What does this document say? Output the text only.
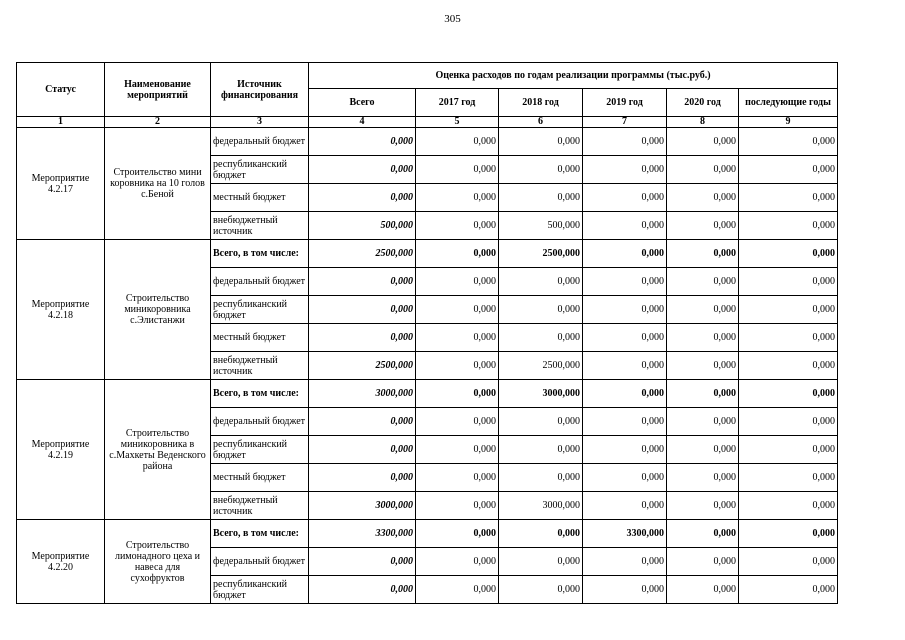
305
Статус	Наименование мероприятий	Источник финансирования	Оценка расходов по годам реализации программы (тыс.руб.)					
			Всего	2017 год	2018 год	2019 год	2020 год	последующие годы
1	2	3	4	5	6	7	8	9
Мероприятие 4.2.17	Строительство мини коровника на 10 голов с.Беной	федеральный бюджет	0,000	0,000	0,000	0,000	0,000	0,000
		республиканский бюджет	0,000	0,000	0,000	0,000	0,000	0,000
		местный бюджет	0,000	0,000	0,000	0,000	0,000	0,000
		внебюджетный источник	500,000	0,000	500,000	0,000	0,000	0,000
Мероприятие 4.2.18	Строительство миникоровника с.Элистанжи	Всего, в том числе:	2500,000	0,000	2500,000	0,000	0,000	0,000
		федеральный бюджет	0,000	0,000	0,000	0,000	0,000	0,000
		республиканский бюджет	0,000	0,000	0,000	0,000	0,000	0,000
		местный бюджет	0,000	0,000	0,000	0,000	0,000	0,000
		внебюджетный источник	2500,000	0,000	2500,000	0,000	0,000	0,000
Мероприятие 4.2.19	Строительство миникоровника в с.Махкеты Веденского района	Всего, в том числе:	3000,000	0,000	3000,000	0,000	0,000	0,000
		федеральный бюджет	0,000	0,000	0,000	0,000	0,000	0,000
		республиканский бюджет	0,000	0,000	0,000	0,000	0,000	0,000
		местный бюджет	0,000	0,000	0,000	0,000	0,000	0,000
		внебюджетный источник	3000,000	0,000	3000,000	0,000	0,000	0,000
Мероприятие 4.2.20	Строительство лимонадного цеха и навеса для сухофруктов	Всего, в том числе:	3300,000	0,000	0,000	3300,000	0,000	0,000
		федеральный бюджет	0,000	0,000	0,000	0,000	0,000	0,000
		республиканский бюджет	0,000	0,000	0,000	0,000	0,000	0,000
